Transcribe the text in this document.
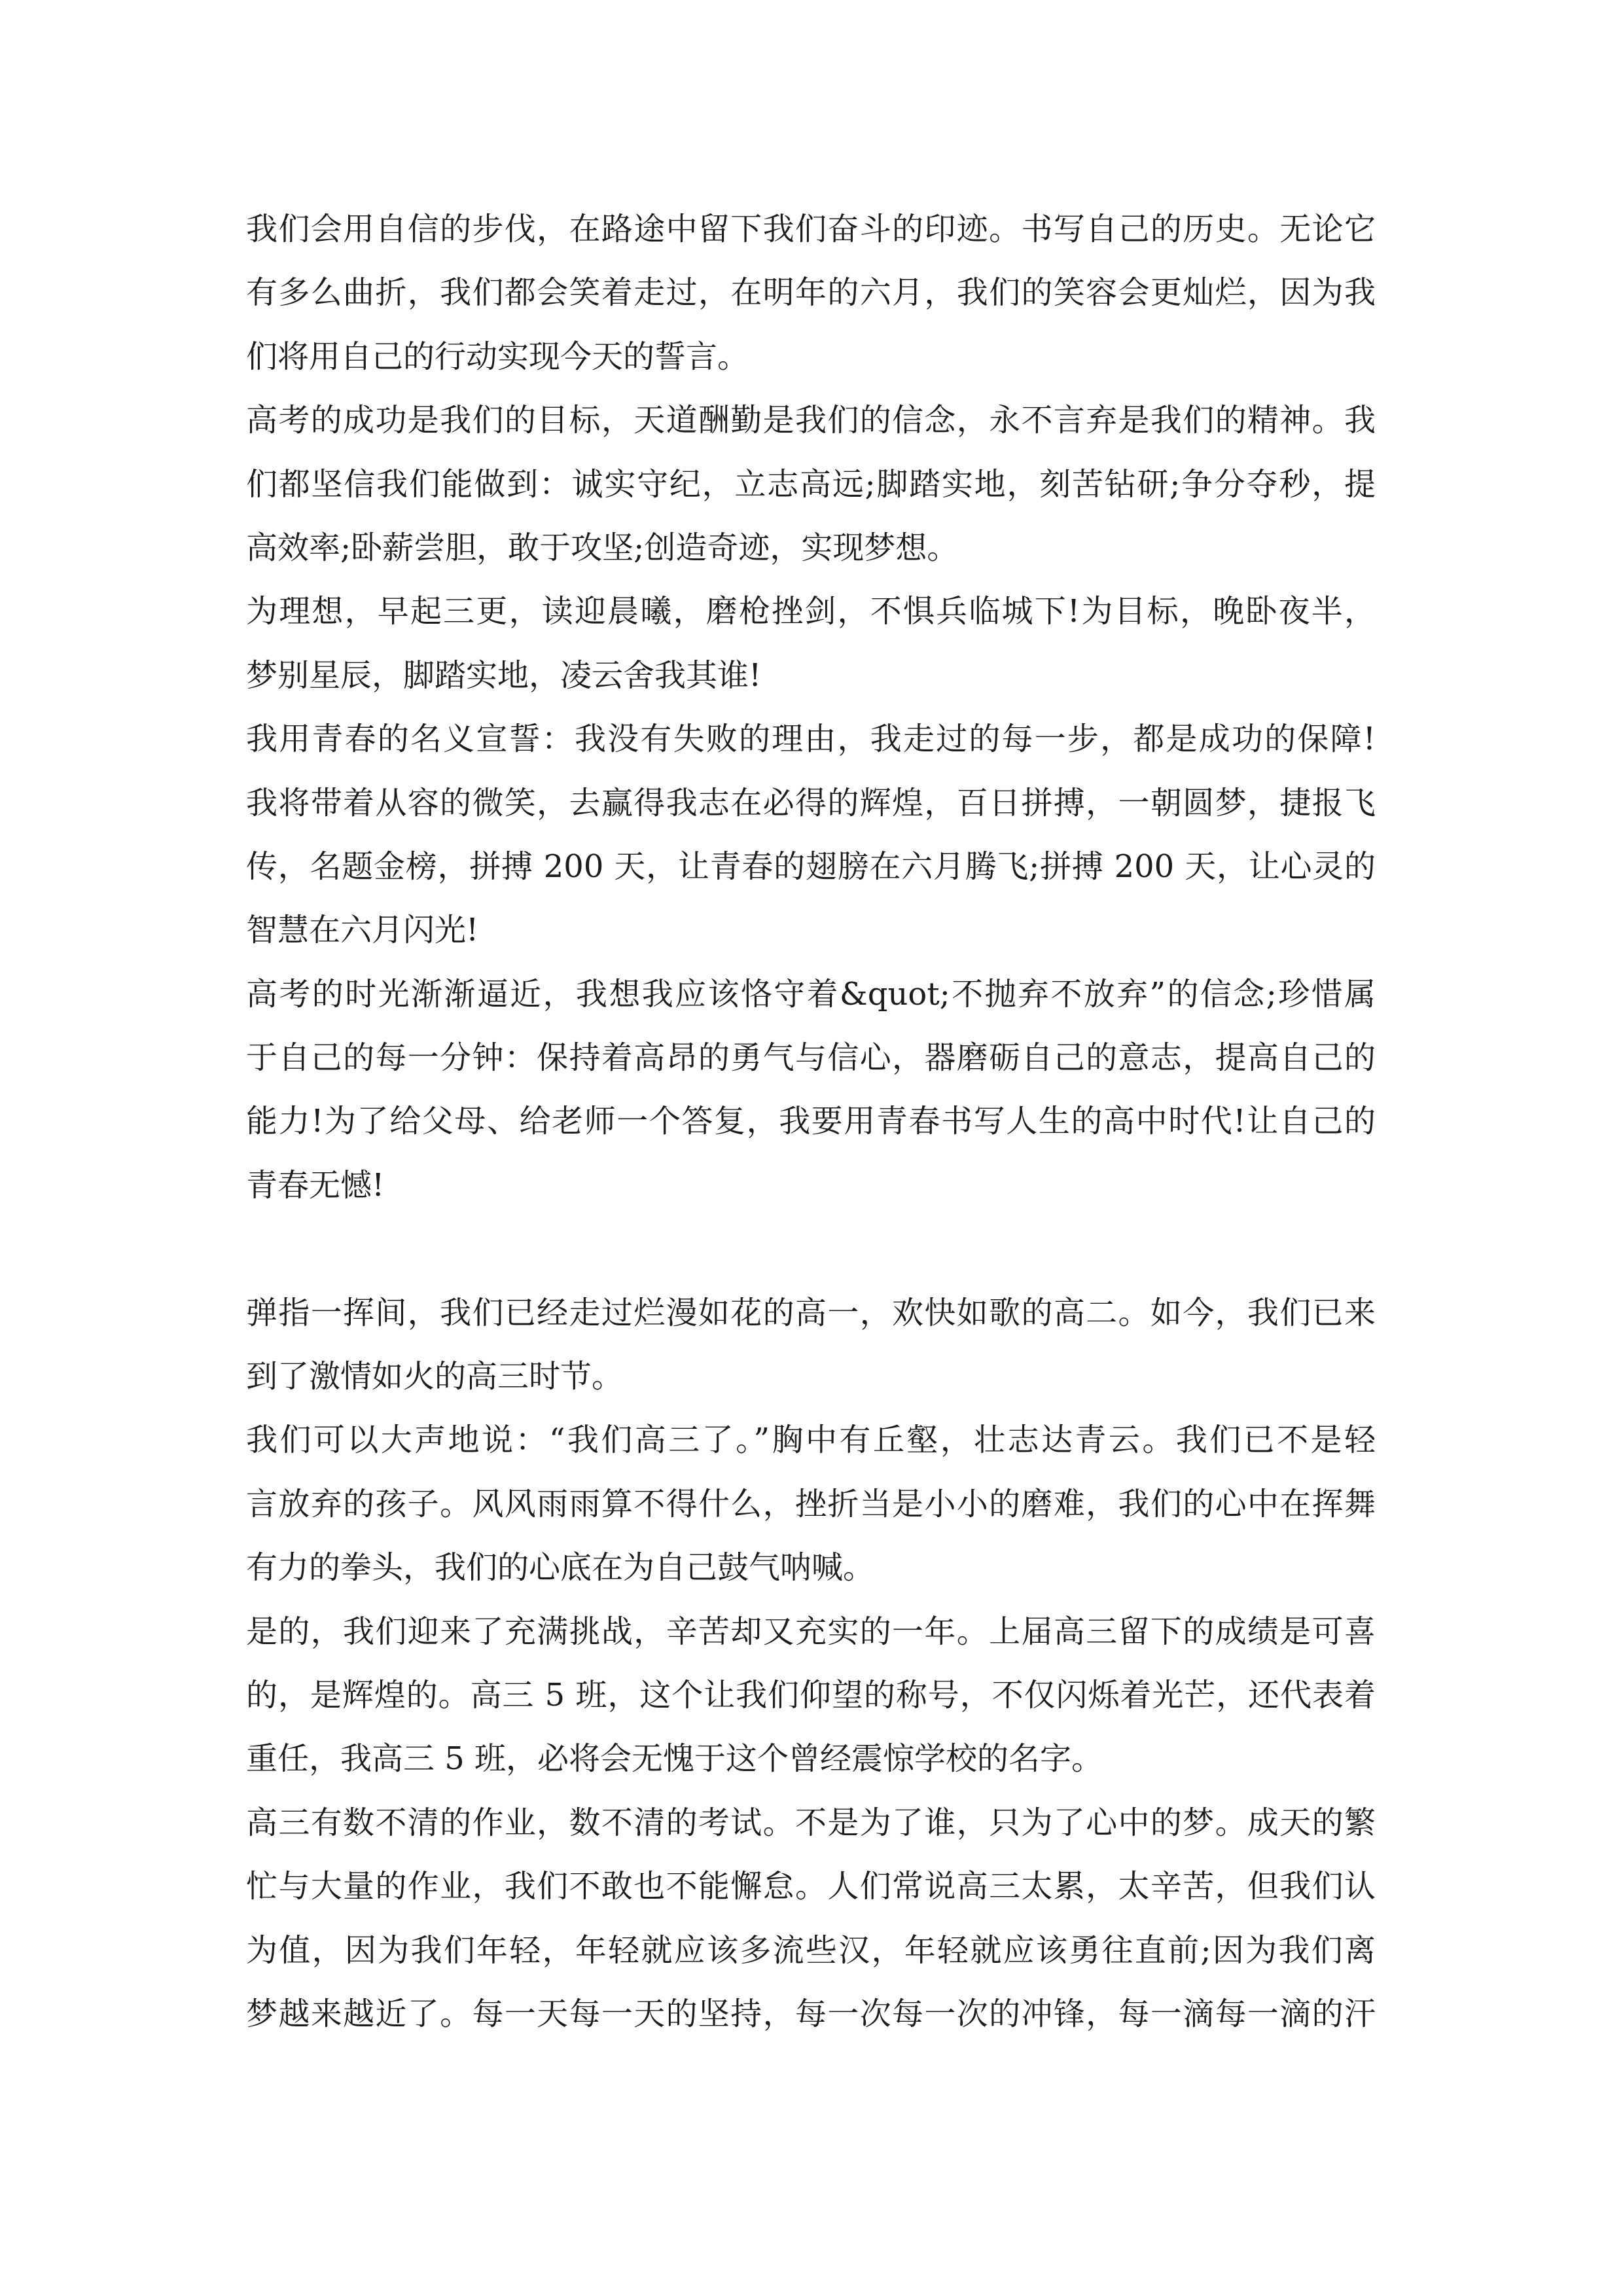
我们会用自信的步伐，在路途中留下我们奋斗的印迹。书写自己的历史。无论它
有多么曲折，我们都会笑着走过，在明年的六月，我们的笑容会更灿烂，因为我
们将用自己的行动实现今天的誓言。
高考的成功是我们的目标，天道酬勤是我们的信念，永不言弃是我们的精神。我
们都坚信我们能做到：诚实守纪，立志高远;脚踏实地，刻苦钻研;争分夺秒，提
高效率;卧薪尝胆，敢于攻坚;创造奇迹，实现梦想。
为理想，早起三更，读迎晨曦，磨枪挫剑，不惧兵临城下!为目标，晚卧夜半，
梦别星辰，脚踏实地，凌云舍我其谁!
我用青春的名义宣誓：我没有失败的理由，我走过的每一步，都是成功的保障!
我将带着从容的微笑，去赢得我志在必得的辉煌，百日拼搏，一朝圆梦，捷报飞
传，名题金榜，拼搏 200 天，让青春的翅膀在六月腾飞;拼搏 200 天，让心灵的
智慧在六月闪光!
高考的时光渐渐逼近，我想我应该恪守着&quot;不抛弃不放弃”的信念;珍惜属
于自己的每一分钟：保持着高昂的勇气与信心，器磨砺自己的意志，提高自己的
能力!为了给父母、给老师一个答复，我要用青春书写人生的高中时代!让自己的
青春无憾!
弹指一挥间，我们已经走过烂漫如花的高一，欢快如歌的高二。如今，我们已来
到了激情如火的高三时节。
我们可以大声地说：“我们高三了。”胸中有丘壑，壮志达青云。我们已不是轻
言放弃的孩子。风风雨雨算不得什么，挫折当是小小的磨难，我们的心中在挥舞
有力的拳头，我们的心底在为自己鼓气呐喊。
是的，我们迎来了充满挑战，辛苦却又充实的一年。上届高三留下的成绩是可喜
的，是辉煌的。高三 5 班，这个让我们仰望的称号，不仅闪烁着光芒，还代表着
重任，我高三 5 班，必将会无愧于这个曾经震惊学校的名字。
高三有数不清的作业，数不清的考试。不是为了谁，只为了心中的梦。成天的繁
忙与大量的作业，我们不敢也不能懈怠。人们常说高三太累，太辛苦，但我们认
为值，因为我们年轻，年轻就应该多流些汉，年轻就应该勇往直前;因为我们离
梦越来越近了。每一天每一天的坚持，每一次每一次的冲锋，每一滴每一滴的汗
